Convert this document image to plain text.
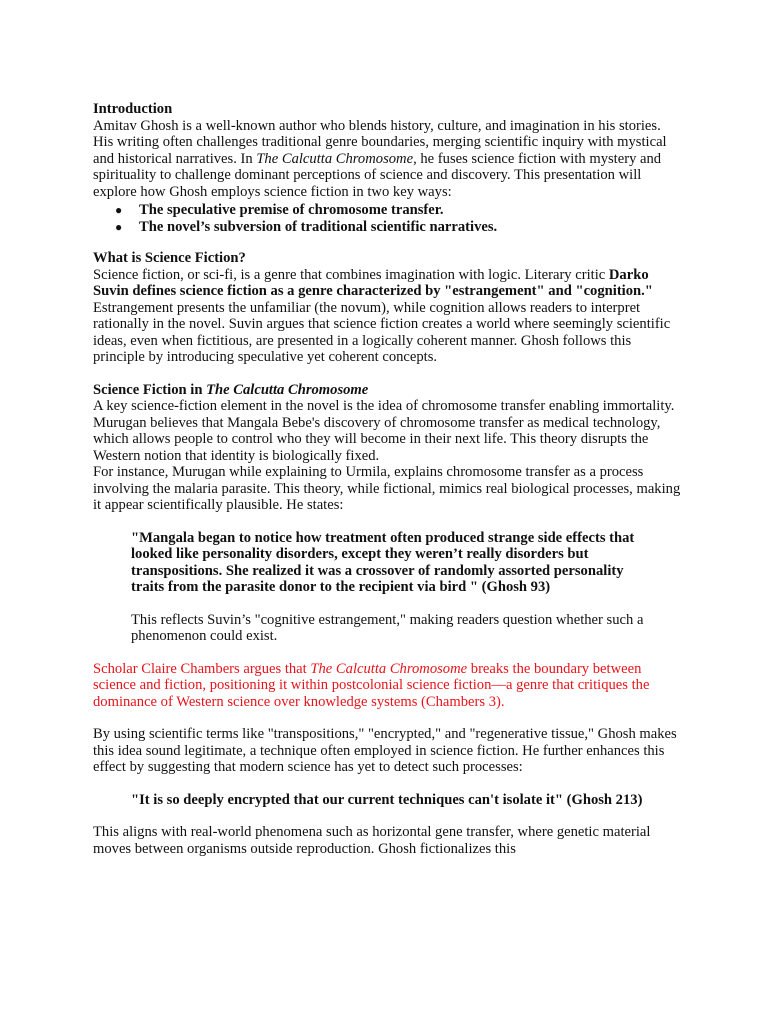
Introduction

Amitav Ghosh is a well-known author who blends history, culture, and imagination in his stories. His writing often challenges traditional genre boundaries, merging scientific inquiry with mystical and historical narratives. In The Calcutta Chromosome, he fuses science fiction with mystery and spirituality to challenge dominant perceptions of science and discovery. This presentation will explore how Ghosh employs science fiction in two key ways:

● The speculative premise of chromosome transfer.
● The novel’s subversion of traditional scientific narratives.

What is Science Fiction?

Science fiction, or sci-fi, is a genre that combines imagination with logic. Literary critic Darko Suvin defines science fiction as a genre characterized by "estrangement" and "cognition." Estrangement presents the unfamiliar (the novum), while cognition allows readers to interpret rationally in the novel. Suvin argues that science fiction creates a world where seemingly scientific ideas, even when fictitious, are presented in a logically coherent manner. Ghosh follows this principle by introducing speculative yet coherent concepts.

Science Fiction in The Calcutta Chromosome

A key science-fiction element in the novel is the idea of chromosome transfer enabling immortality. Murugan believes that Mangala Bebe's discovery of chromosome transfer as medical technology, which allows people to control who they will become in their next life. This theory disrupts the Western notion that identity is biologically fixed.

For instance, Murugan while explaining to Urmila, explains chromosome transfer as a process involving the malaria parasite. This theory, while fictional, mimics real biological processes, making it appear scientifically plausible. He states:

"Mangala began to notice how treatment often produced strange side effects that looked like personality disorders, except they weren’t really disorders but transpositions. She realized it was a crossover of randomly assorted personality traits from the parasite donor to the recipient via bird " (Ghosh 93)

This reflects Suvin’s "cognitive estrangement," making readers question whether such a phenomenon could exist.

Scholar Claire Chambers argues that The Calcutta Chromosome breaks the boundary between science and fiction, positioning it within postcolonial science fiction—a genre that critiques the dominance of Western science over knowledge systems (Chambers 3).

By using scientific terms like "transpositions," "encrypted," and "regenerative tissue," Ghosh makes this idea sound legitimate, a technique often employed in science fiction. He further enhances this effect by suggesting that modern science has yet to detect such processes:

"It is so deeply encrypted that our current techniques can't isolate it" (Ghosh 213)

This aligns with real-world phenomena such as horizontal gene transfer, where genetic material moves between organisms outside reproduction. Ghosh fictionalizes this
